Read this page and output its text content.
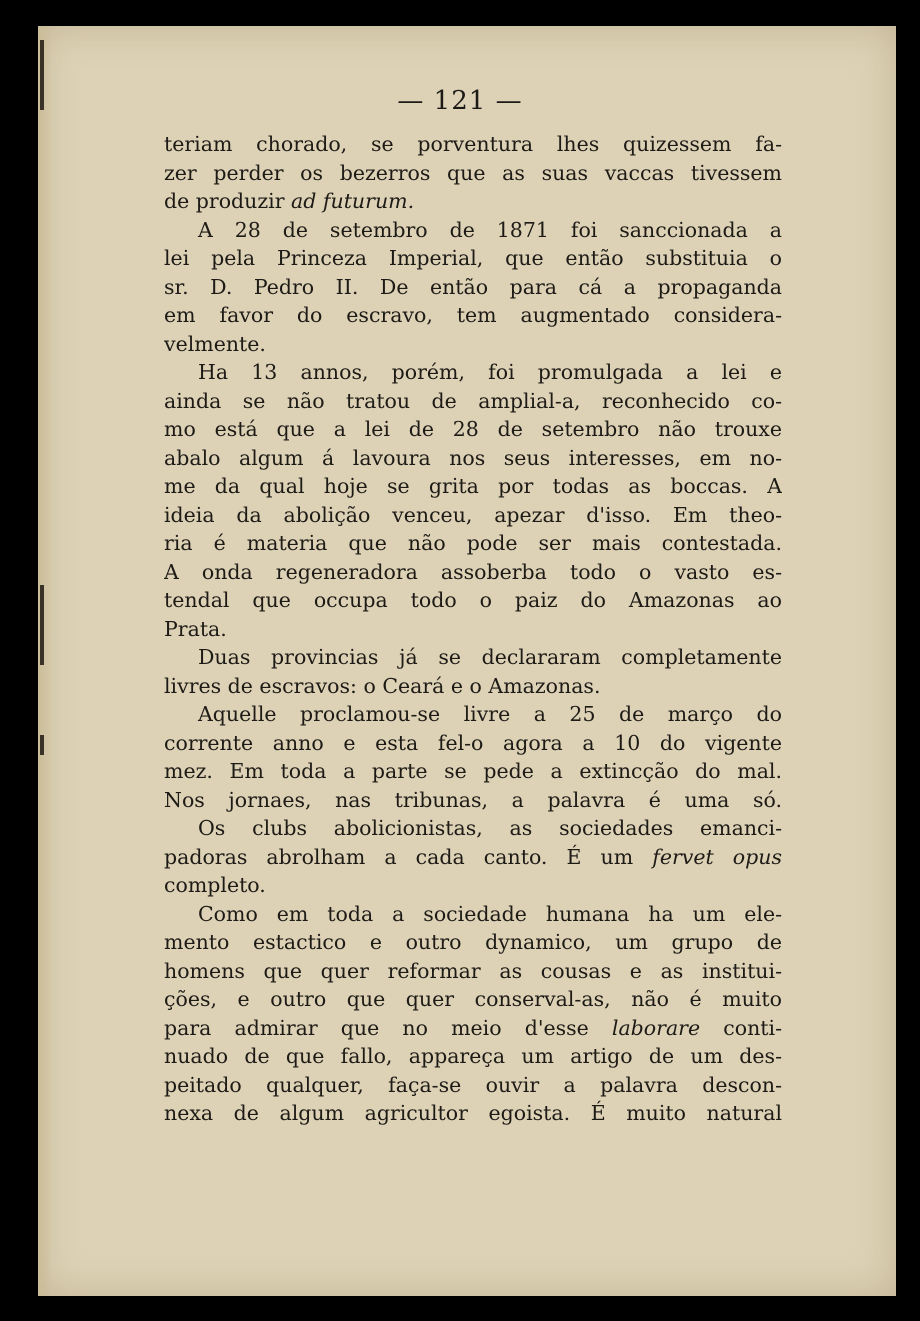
— 121 —
teriam chorado, se porventura lhes quizessem fa-
zer perder os bezerros que as suas vaccas tivessem
de produzir ad futurum.
A 28 de setembro de 1871 foi sanccionada a
lei pela Princeza Imperial, que então substituia o
sr. D. Pedro II. De então para cá a propaganda
em favor do escravo, tem augmentado considera-
velmente.
Ha 13 annos, porém, foi promulgada a lei e
ainda se não tratou de amplial-a, reconhecido co-
mo está que a lei de 28 de setembro não trouxe
abalo algum á lavoura nos seus interesses, em no-
me da qual hoje se grita por todas as boccas. A
ideia da abolição venceu, apezar d'isso. Em theo-
ria é materia que não pode ser mais contestada.
A onda regeneradora assoberba todo o vasto es-
tendal que occupa todo o paiz do Amazonas ao
Prata.
Duas provincias já se declararam completamente
livres de escravos: o Ceará e o Amazonas.
Aquelle proclamou-se livre a 25 de março do
corrente anno e esta fel-o agora a 10 do vigente
mez. Em toda a parte se pede a extincção do mal.
Nos jornaes, nas tribunas, a palavra é uma só.
Os clubs abolicionistas, as sociedades emanci-
padoras abrolham a cada canto. É um fervet opus
completo.
Como em toda a sociedade humana ha um ele-
mento estactico e outro dynamico, um grupo de
homens que quer reformar as cousas e as institui-
ções, e outro que quer conserval-as, não é muito
para admirar que no meio d'esse laborare conti-
nuado de que fallo, appareça um artigo de um des-
peitado qualquer, faça-se ouvir a palavra descon-
nexa de algum agricultor egoista. É muito natural
